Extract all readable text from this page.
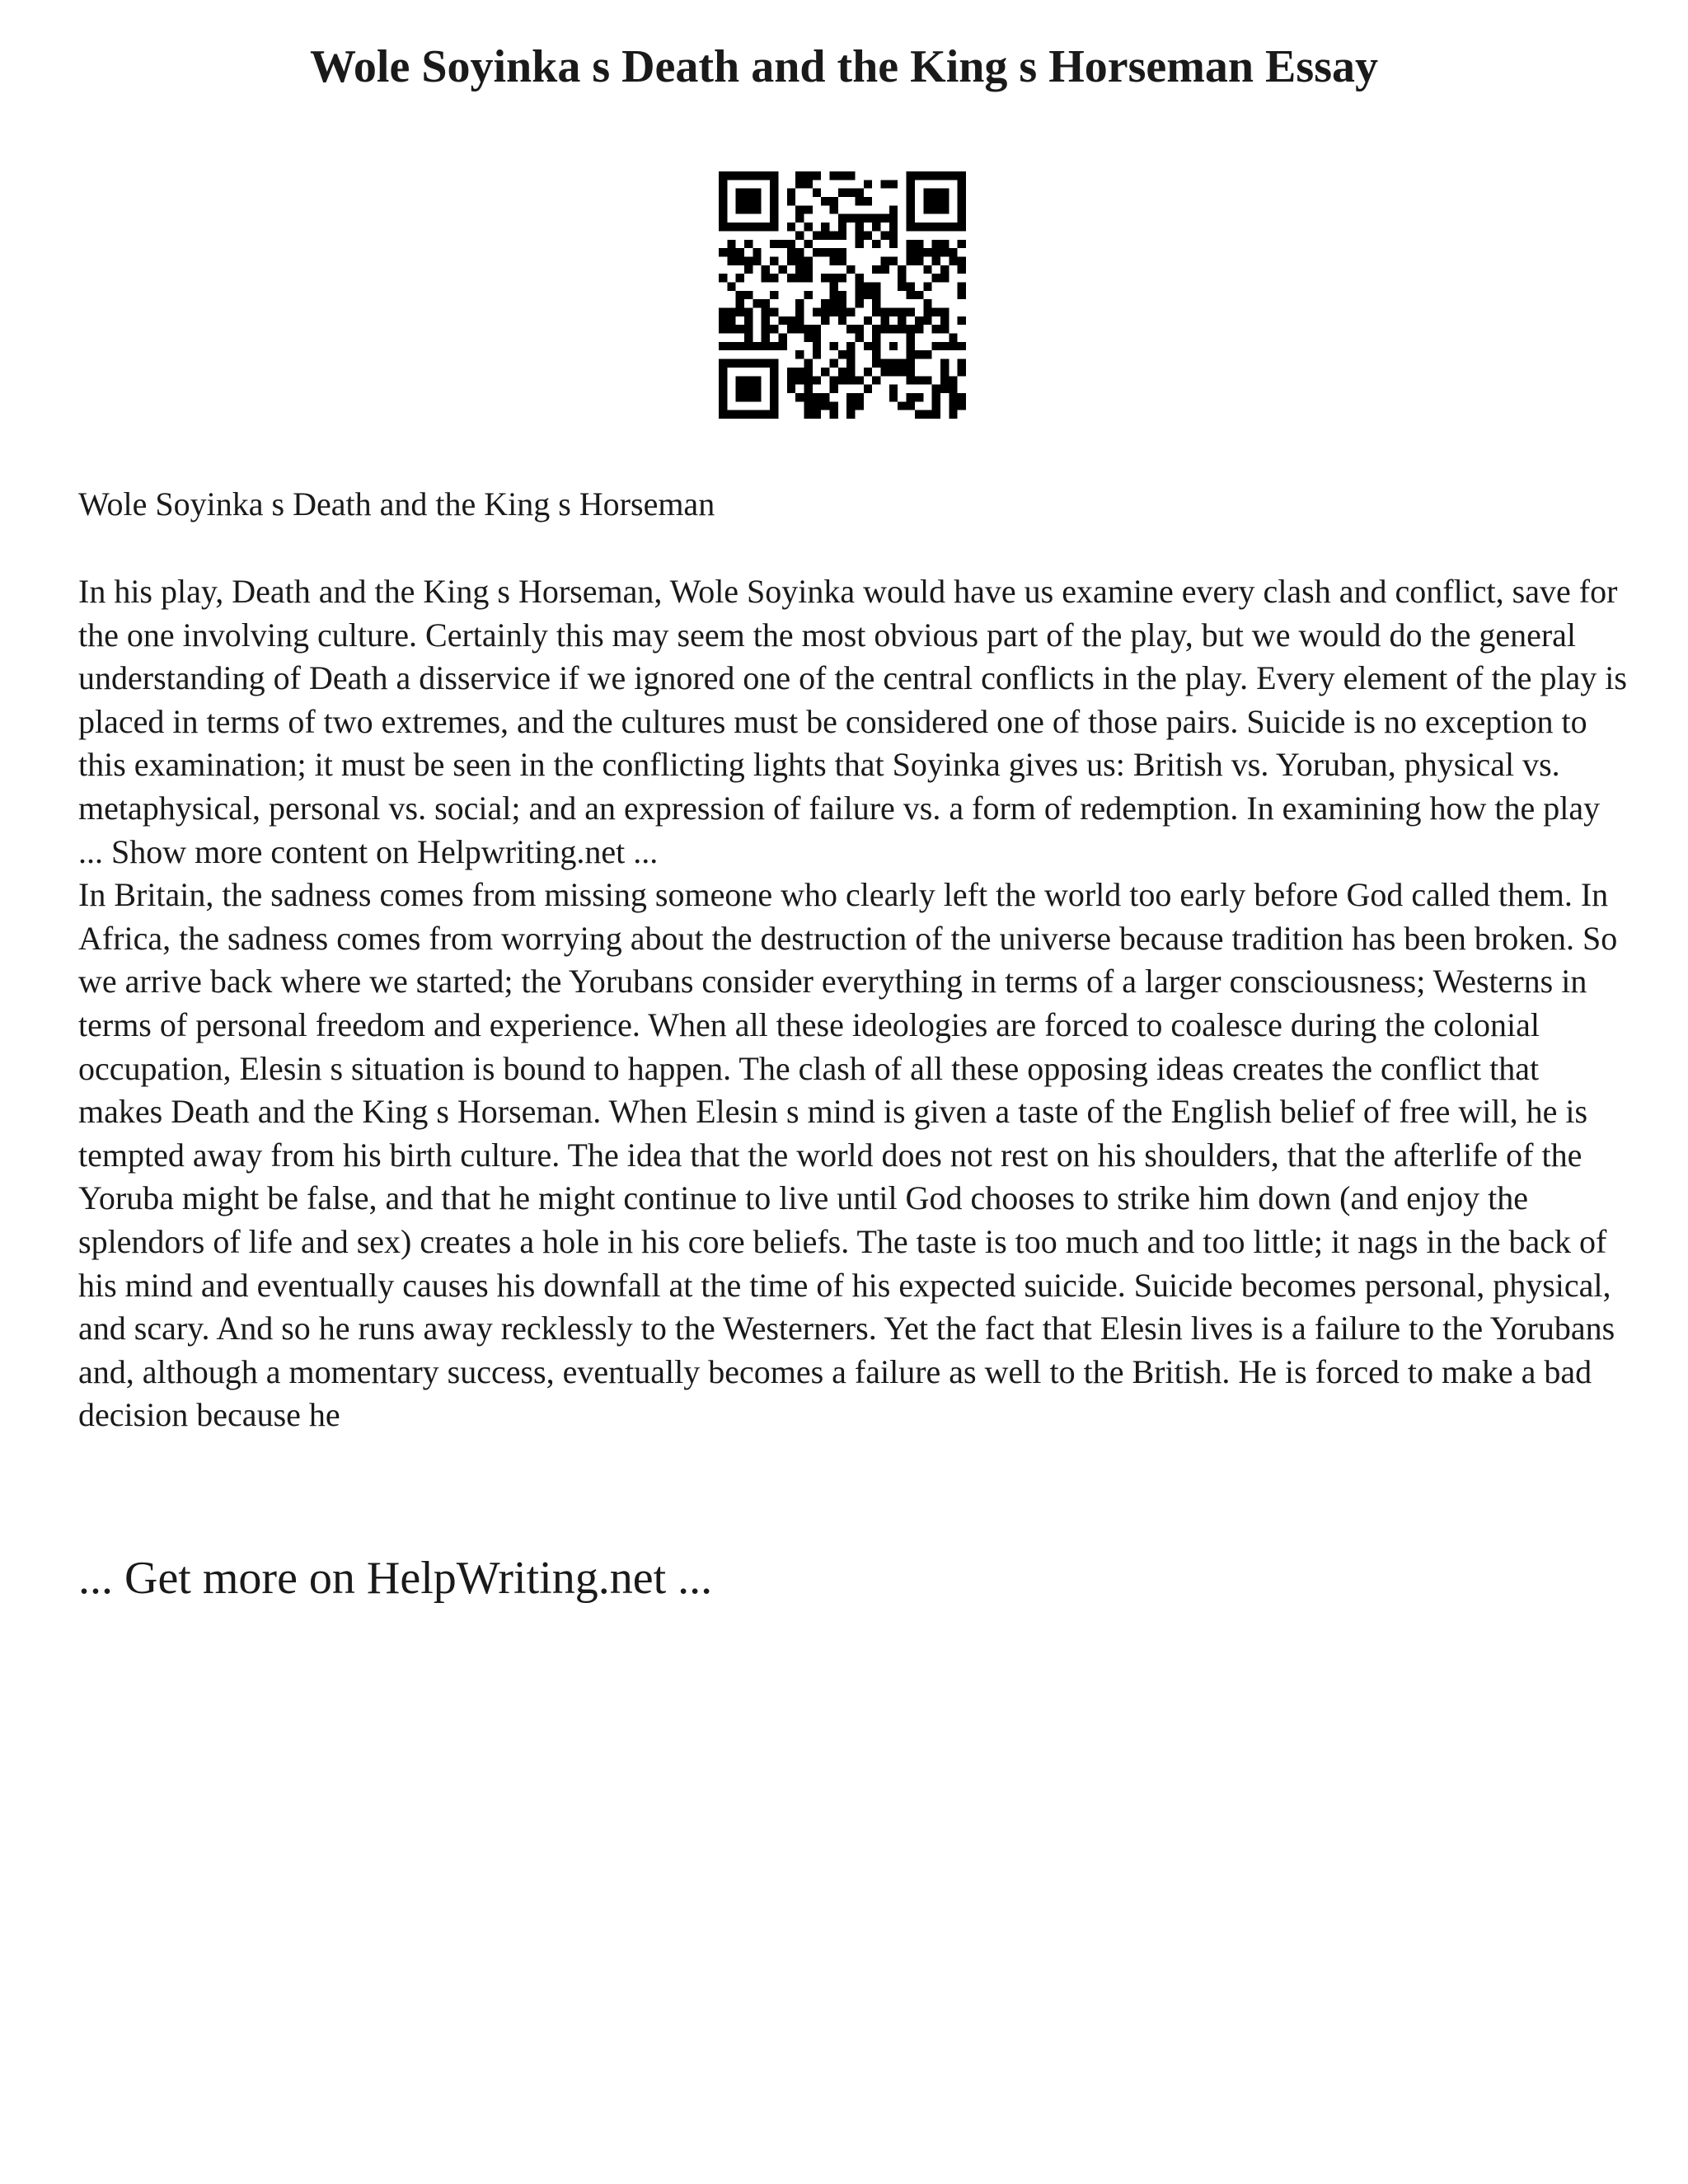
Wole Soyinka s Death and the King s Horseman Essay

Wole Soyinka s Death and the King s Horseman

In his play, Death and the King s Horseman, Wole Soyinka would have us examine every clash and conflict, save for the one involving culture. Certainly this may seem the most obvious part of the play, but we would do the general understanding of Death a disservice if we ignored one of the central conflicts in the play. Every element of the play is placed in terms of two extremes, and the cultures must be considered one of those pairs. Suicide is no exception to this examination; it must be seen in the conflicting lights that Soyinka gives us: British vs. Yoruban, physical vs. metaphysical, personal vs. social; and an expression of failure vs. a form of redemption. In examining how the play ... Show more content on Helpwriting.net ...

In Britain, the sadness comes from missing someone who clearly left the world too early before God called them. In Africa, the sadness comes from worrying about the destruction of the universe because tradition has been broken. So we arrive back where we started; the Yorubans consider everything in terms of a larger consciousness; Westerns in terms of personal freedom and experience. When all these ideologies are forced to coalesce during the colonial occupation, Elesin s situation is bound to happen. The clash of all these opposing ideas creates the conflict that makes Death and the King s Horseman. When Elesin s mind is given a taste of the English belief of free will, he is tempted away from his birth culture. The idea that the world does not rest on his shoulders, that the afterlife of the Yoruba might be false, and that he might continue to live until God chooses to strike him down (and enjoy the splendors of life and sex) creates a hole in his core beliefs. The taste is too much and too little; it nags in the back of his mind and eventually causes his downfall at the time of his expected suicide. Suicide becomes personal, physical, and scary. And so he runs away recklessly to the Westerners. Yet the fact that Elesin lives is a failure to the Yorubans and, although a momentary success, eventually becomes a failure as well to the British. He is forced to make a bad decision because he

... Get more on HelpWriting.net ...
